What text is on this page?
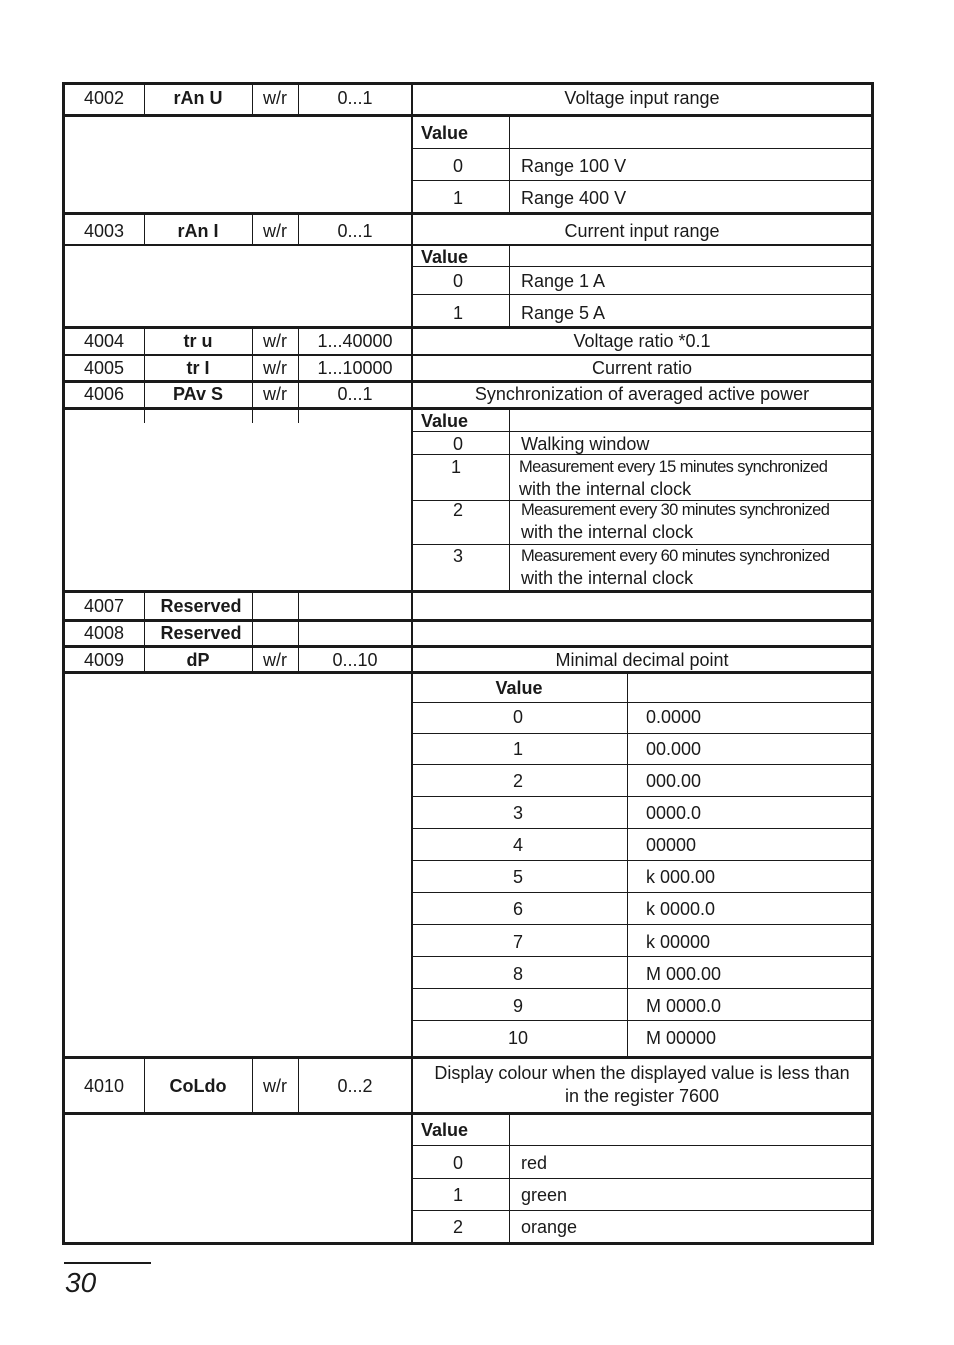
4002	rAn U w/r	0...1	Voltage input range
Value
0	Range 100 V
1	Range 400 V
4003	rAn I w/r	0...1	Current input range
Value
0	Range 1 A
1	Range 5 A
4004	tr u	w/r 1...40000	Voltage ratio *0.1
4005	tr I	w/r 1...10000	Current ratio
4006	PAv S w/r	0...1	Synchronization of averaged active power
Value
0	Walking window
1	Measurement every 15 minutes synchronized
with the internal clock
2	Measurement every 30 minutes synchronized
with the internal clock
3	Measurement every 60 minutes synchronized
with the internal clock
4007 Reserved
4008 Reserved
4009	dP	w/r	0...10	Minimal decimal point
Value
0	0.0000
1	00.000
2	000.00
3	0000.0
4	00000
5	k 000.00
6	k 0000.0
7	k 00000
8	M 000.00
9	M 0000.0
10	M 00000
4010	CoLdo w/r	0...2
Display colour when the displayed value is less than
in the register 7600
Value
0	red
1	green
2	orange
30
